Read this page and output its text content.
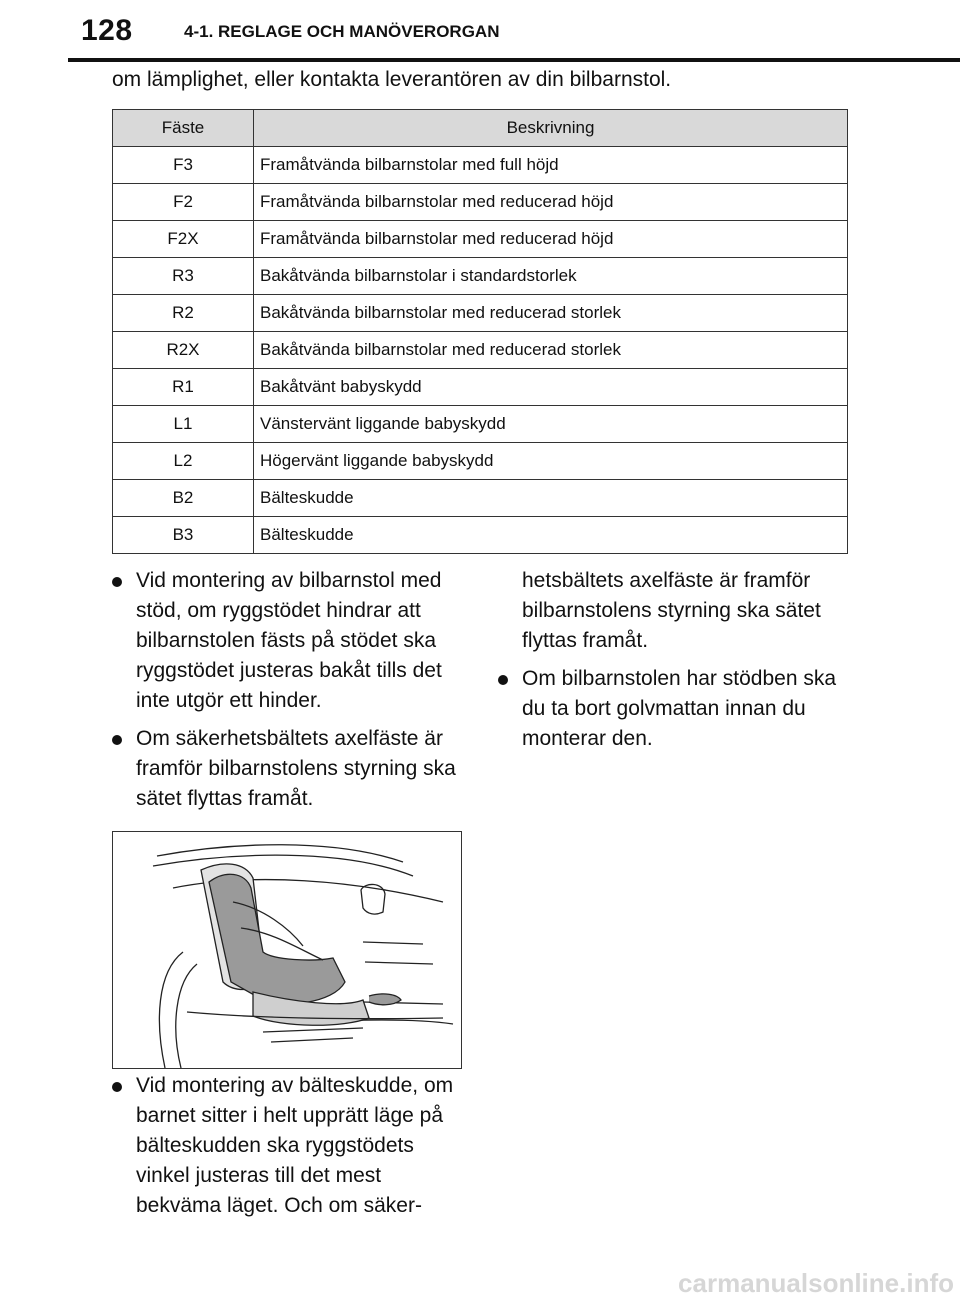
128	4-1. REGLAGE OCH MANÖVERORGAN
om lämplighet, eller kontakta leverantören av din bilbarnstol.
Fäste	Beskrivning
F3	Framåtvända bilbarnstolar med full höjd
F2	Framåtvända bilbarnstolar med reducerad höjd
F2X	Framåtvända bilbarnstolar med reducerad höjd
R3	Bakåtvända bilbarnstolar i standardstorlek
R2	Bakåtvända bilbarnstolar med reducerad storlek
R2X	Bakåtvända bilbarnstolar med reducerad storlek
R1	Bakåtvänt babyskydd
L1	Vänstervänt liggande babyskydd
L2	Högervänt liggande babyskydd
B2	Bälteskudde
B3	Bälteskudde
Vid montering av bilbarnstol med stöd, om ryggstödet hindrar att bilbarnstolen fästs på stödet ska ryggstödet justeras bakåt tills det inte utgör ett hinder.
Om säkerhetsbältets axelfäste är framför bilbarnstolens styrning ska sätet flyttas framåt.
Vid montering av bälteskudde, om barnet sitter i helt upprätt läge på bälteskudden ska ryggstödets vinkel justeras till det mest bekväma läget. Och om säker-

hetsbältets axelfäste är framför bilbarnstolens styrning ska sätet flyttas framåt.

Om bilbarnstolen har stödben ska du ta bort golvmattan innan du monterar den.
carmanualsonline.info
